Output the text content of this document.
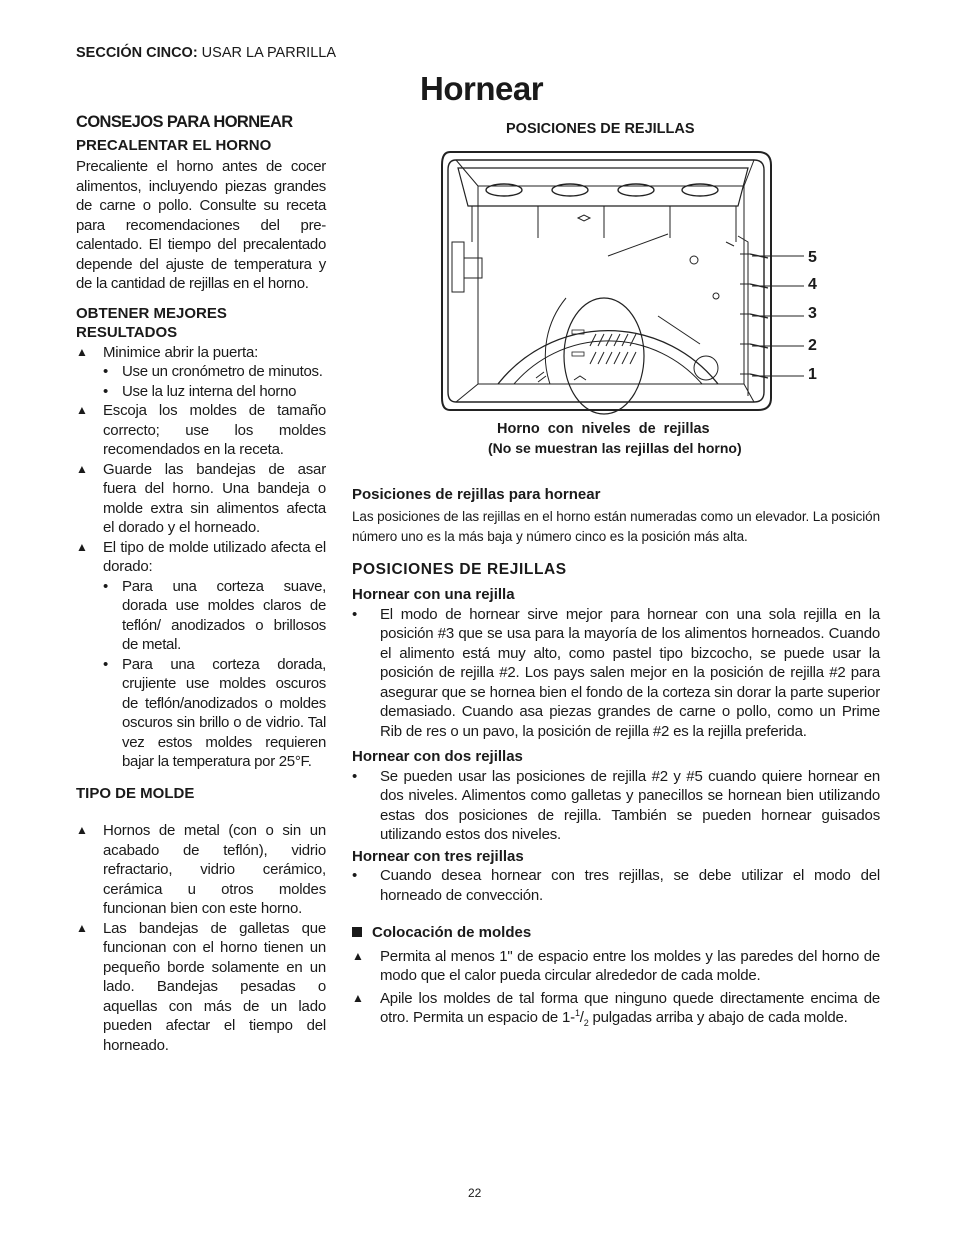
SECCIÓN CINCO: USAR LA PARRILLA
Hornear
CONSEJOS PARA HORNEAR
PRECALENTAR EL HORNO

Precaliente el horno antes de cocer alimentos, incluyendo piezas grandes de carne o pollo. Consulte su receta para recomendaciones del pre-calentado. El tiempo del precalentado depende del ajuste de temperatura y de la cantidad de rejillas en el horno.

OBTENER MEJORES RESULTADOS
▲ Minimice abrir la puerta:
• Use un cronómetro de minutos.
• Use la luz interna del horno
▲ Escoja los moldes de tamaño correcto; use los moldes recomendados en la receta.
▲ Guarde las bandejas de asar fuera del horno. Una bandeja o molde extra sin alimentos afecta el dorado y el horneado.
▲ El tipo de molde utilizado afecta el dorado:
• Para una corteza suave, dorada use moldes claros de teflón/ anodizados o brillosos de metal.
• Para una corteza dorada, crujiente use moldes oscuros de teflón/anodizados o moldes oscuros sin brillo o de vidrio. Tal vez estos moldes requieren bajar la temperatura por 25°F.
TIPO DE MOLDE
▲ Hornos de metal (con o sin un acabado de teflón), vidrio refractario, vidrio cerámico, cerámica u otros moldes funcionan bien con este horno.
▲ Las bandejas de galletas que funcionan con el horno tienen un pequeño borde solamente en un lado. Bandejas pesadas o aquellas con más de un lado pueden afectar el tiempo del horneado.
POSICIONES DE REJILLAS
5
4
3
2
1
Horno con niveles de rejillas
(No se muestran las rejillas del horno)
Posiciones de rejillas para hornear

Las posiciones de las rejillas en el horno están numeradas como un elevador. La posición número uno es la más baja y número cinco es la posición más alta.

POSICIONES DE REJILLAS
Hornear con una rejilla
• El modo de hornear sirve mejor para hornear con una sola rejilla en la posición #3 que se usa para la mayoría de los alimentos horneados. Cuando el alimento está muy alto, como pastel tipo bizcocho, se puede usar la posición de rejilla #2. Los pays salen mejor en la posición de rejilla #2 para asegurar que se hornea bien el fondo de la corteza sin dorar la parte superior demasiado. Cuando asa piezas grandes de carne o pollo, como un Prime Rib de res o un pavo, la posición de rejilla #2 es la rejilla preferida.
Hornear con dos rejillas
• Se pueden usar las posiciones de rejilla #2 y #5 cuando quiere hornear en dos niveles. Alimentos como galletas y panecillos se hornean bien utilizando estas dos posiciones de rejilla. También se pueden hornear guisados utilizando estos dos niveles.
Hornear con tres rejillas
• Cuando desea hornear con tres rejillas, se debe utilizar el modo del horneado de convección.
Colocación de moldes
▲ Permita al menos 1" de espacio entre los moldes y las paredes del horno de modo que el calor pueda circular alrededor de cada molde.
▲ Apile los moldes de tal forma que ninguno quede directamente encima de otro. Permita un espacio de $1-^1/_2$ pulgadas arriba y abajo de cada molde.
22
